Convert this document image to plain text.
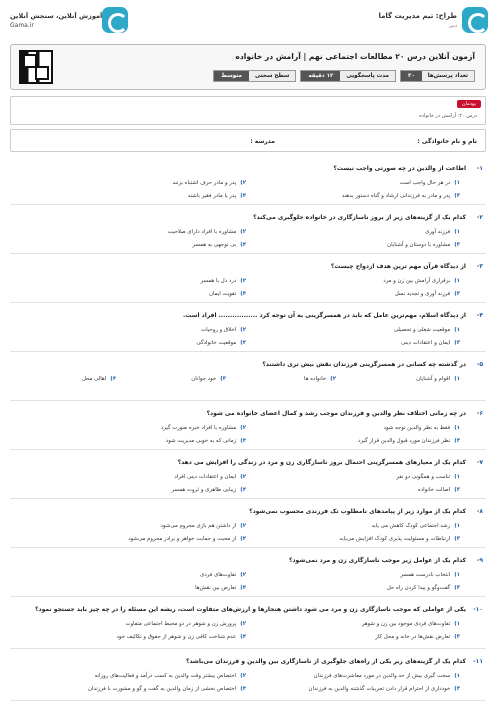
طراح: تیم مدیریت گاما
دبیر
آموزش آنلاین، سنجش آنلاین
Gama.ir
آزمون آنلاین درس ۲۰ مطالعات اجتماعی نهم | آرامش در خانواده
تعداد پرسش‌ها
۲۰
مدت پاسخگویی
۱۲ دقیقه
سطح سختی
متوسط
پودمان
درس ۲۰: آرامش در خانواده
نام و نام خانوادگی :
مدرسه :
۱-
اطاعت از والدین در چه صورتی واجب نیست؟
۱)در هر حال واجب است
۲)پدر و مادر حرف اشتباه بزنند
۳)پدر و مادر به فرزندانی ارشاد و گناه دستور بدهند
۴)پدر یا مادر فقیر باشند
۲-
کدام یک از گزینه‌های زیر از بروز ناسازگاری در خانواده جلوگیری می‌کند؟
۱)فرزند آوری
۲)مشاوره با افراد دارای صلاحیت
۳)مشاوره با دوستان و آشنایان
۴)بی توجهی به همسر
۳-
از دیدگاه قرآن مهم ترین هدف ازدواج چیست؟
۱)برقراری آرامش بین زن و مرد
۲)درد دل با همسر
۳)فرزند آوری و تجدید نسل
۴)تقویت ایمان
۴-
از دیدگاه اسلام، مهم‌ترین عامل که باید در همسرگزینی به آن توجه کرد ................. افراد است.
۱)موقعیت شغلی و تحصیلی
۲)اخلاق و روحیات
۳)ایمان و اعتقادات دینی
۴)موقعیت خانوادگی
۵-
در گذشته چه کسانی در همسرگزینی فرزندان نقش بیش تری داشتند؟
۱)اقوام و آشنایان
۲)خانواده ها
۳)خود جوانان
۴)اهالی محل
۶-
در چه زمانی اختلاف نظر والدین و فرزندان موجب رشد و کمال اعضای خانواده می شود؟
۱)فقط به نظر والدین توجه شود
۲)مشاوره با افراد خبره صورت گیرد
۳)نظر فرزندان مورد قبول والدین قرار گیرد
۴)زمانی که به خوبی مدیریت شود
۷-
کدام یک از معیارهای همسرگزینی احتمال بروز ناسازگاری زن و مرد در زندگی را افزایش می دهد؟
۱)تناسب و همگونی دو نفر
۲)ایمان و اعتقادات دینی افراد
۳)اصالت خانواده
۴)زیبایی ظاهری و ثروت همسر
۸-
کدام یک از موارد زیر از پیامدهای نامطلوب تک فرزندی محسوب نمی‌شود؟
۱)رشد اجتماعی کودک کاهش می یابد
۲)از داشتن هم بازی محروم می‌شود
۳)ارتباطات و مسئولیت پذیری کودک افزایش می‌یابد
۴)از محبت و حمایت خواهر و برادر محروم می‌شود
۹-
کدام یک از عوامل زیر موجب ناسازگاری زن و مرد نمی‌شود؟
۱)انتخاب نادرست همسر
۲)تفاوت‌های فردی
۳)گفت‌وگو و پیدا کردن راه حل
۴)تعارض بین نقش‌ها
۱۰-
یکی از عواملی که موجب ناسازگاری زن و مرد می شود داشتن هنجارها و ارزش‌های متفاوت است، ریشه این مسئله را در چه چیز باید جستجو نمود؟
۱)تفاوت‌های فردی موجود بین زن و شوهر
۲)پرورش زن و شوهر در دو محیط اجتماعی متفاوت
۳)تعارض نقش‌ها در خانه و محل کار
۴)عدم شناخت کافی زن و شوهر از حقوق و تکالیف خود
۱۱-
کدام یک از گزینه‌های زیر یکی از راه‌های جلوگیری از ناسازگاری بین والدین و فرزندان می‌باشد؟
۱)سخت گیری بیش از حد والدین در مورد معاشرت‌های فرزندان
۲)اختصاص بیشتر وقت والدین به کسب درآمد و فعالیت‌های روزانه
۳)خودداری از احترام قرار دادن تجربیات گذشته والدین به فرزندان
۴)اختصاص بخشی از زمان والدین به گفت و گو و مشورت با فرزندان
